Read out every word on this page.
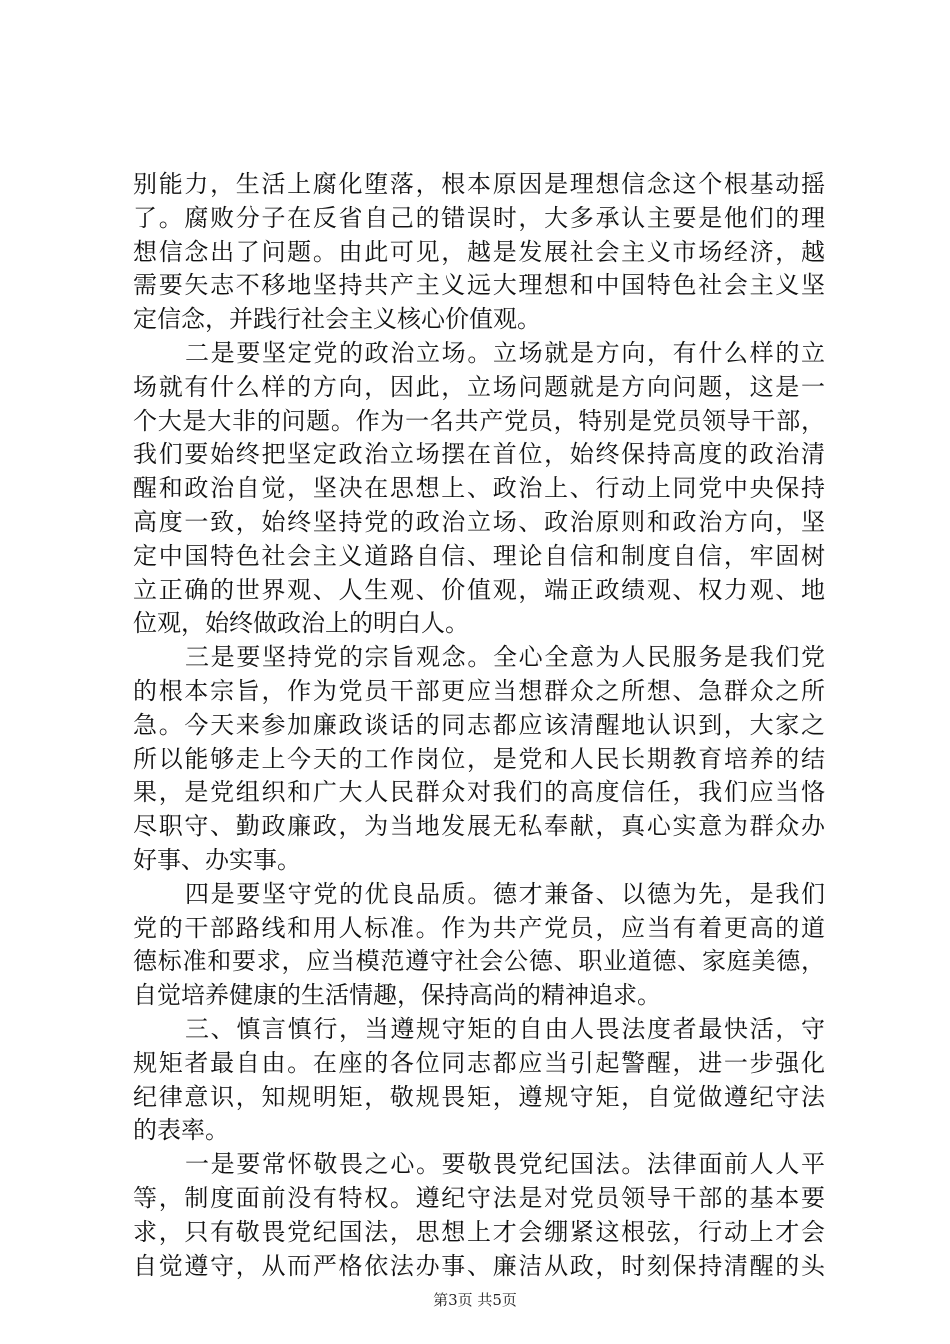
别能力，生活上腐化堕落，根本原因是理想信念这个根基动摇
了。腐败分子在反省自己的错误时，大多承认主要是他们的理
想信念出了问题。由此可见，越是发展社会主义市场经济，越
需要矢志不移地坚持共产主义远大理想和中国特色社会主义坚
定信念，并践行社会主义核心价值观。
二是要坚定党的政治立场。立场就是方向，有什么样的立
场就有什么样的方向，因此，立场问题就是方向问题，这是一
个大是大非的问题。作为一名共产党员，特别是党员领导干部，
我们要始终把坚定政治立场摆在首位，始终保持高度的政治清
醒和政治自觉，坚决在思想上、政治上、行动上同党中央保持
高度一致，始终坚持党的政治立场、政治原则和政治方向，坚
定中国特色社会主义道路自信、理论自信和制度自信，牢固树
立正确的世界观、人生观、价值观，端正政绩观、权力观、地
位观，始终做政治上的明白人。
三是要坚持党的宗旨观念。全心全意为人民服务是我们党
的根本宗旨，作为党员干部更应当想群众之所想、急群众之所
急。今天来参加廉政谈话的同志都应该清醒地认识到，大家之
所以能够走上今天的工作岗位，是党和人民长期教育培养的结
果，是党组织和广大人民群众对我们的高度信任，我们应当恪
尽职守、勤政廉政，为当地发展无私奉献，真心实意为群众办
好事、办实事。
四是要坚守党的优良品质。德才兼备、以德为先，是我们
党的干部路线和用人标准。作为共产党员，应当有着更高的道
德标准和要求，应当模范遵守社会公德、职业道德、家庭美德，
自觉培养健康的生活情趣，保持高尚的精神追求。
三、慎言慎行，当遵规守矩的自由人畏法度者最快活，守
规矩者最自由。在座的各位同志都应当引起警醒，进一步强化
纪律意识，知规明矩，敬规畏矩，遵规守矩，自觉做遵纪守法
的表率。
一是要常怀敬畏之心。要敬畏党纪国法。法律面前人人平
等，制度面前没有特权。遵纪守法是对党员领导干部的基本要
求，只有敬畏党纪国法，思想上才会绷紧这根弦，行动上才会
自觉遵守，从而严格依法办事、廉洁从政，时刻保持清醒的头
第3页 共5页
